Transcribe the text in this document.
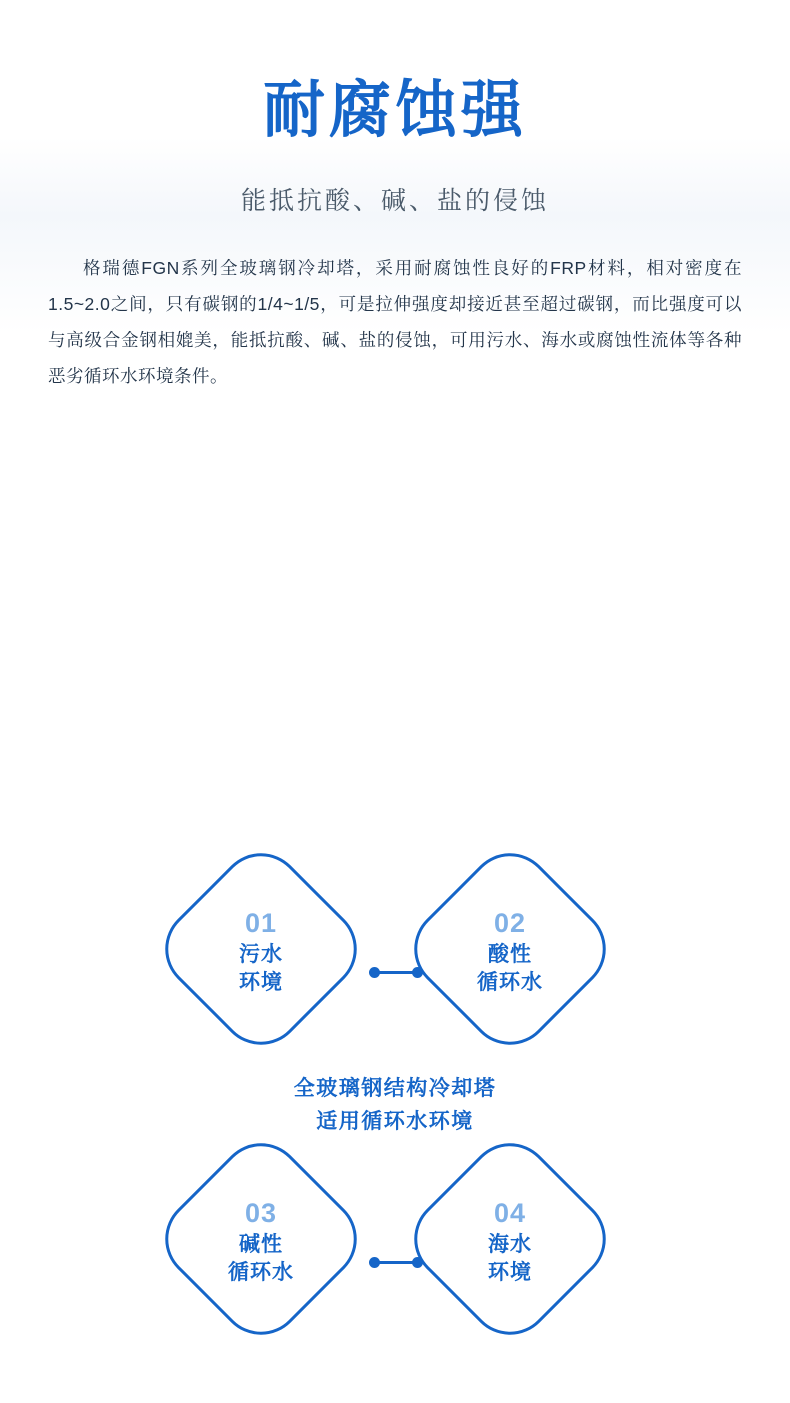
耐腐蚀强
能抵抗酸、碱、盐的侵蚀

格瑞德FGN系列全玻璃钢冷却塔，采用耐腐蚀性良好的FRP材料，相对密度在1.5~2.0之间，只有碳钢的1/4~1/5，可是拉伸强度却接近甚至超过碳钢，而比强度可以与高级合金钢相媲美，能抵抗酸、碱、盐的侵蚀，可用污水、海水或腐蚀性流体等各种恶劣循环水环境条件。

01
污水
环境
02
酸性
循环水
03
碱性
循环水
04
海水
环境
全玻璃钢结构冷却塔
适用循环水环境
